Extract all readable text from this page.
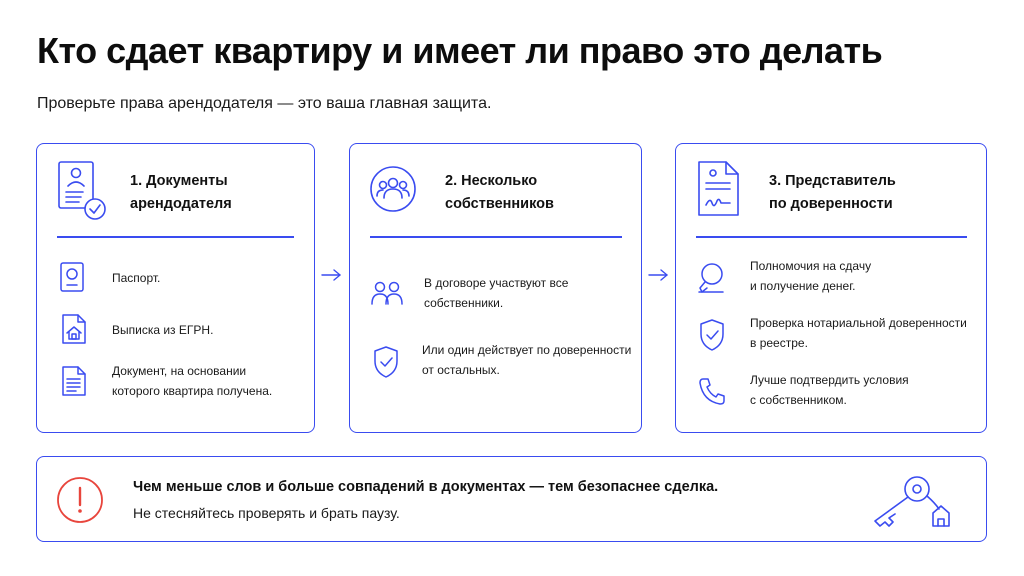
Кто сдает квартиру и имеет ли право это делать
Проверьте права арендодателя — это ваша главная защита.
1. Документы
арендодателя
Паспорт.
Выписка из ЕГРН.
Документ, на основании
которого квартира получена.
2. Несколько
собственников
В договоре участвуют все
собственники.
Или один действует по доверенности
от остальных.
3. Представитель
по доверенности
Полномочия на сдачу
и получение денег.
Проверка нотариальной доверенности
в реестре.
Лучше подтвердить условия
с собственником.
Чем меньше слов и больше совпадений в документах — тем безопаснее сделка.
Не стесняйтесь проверять и брать паузу.
